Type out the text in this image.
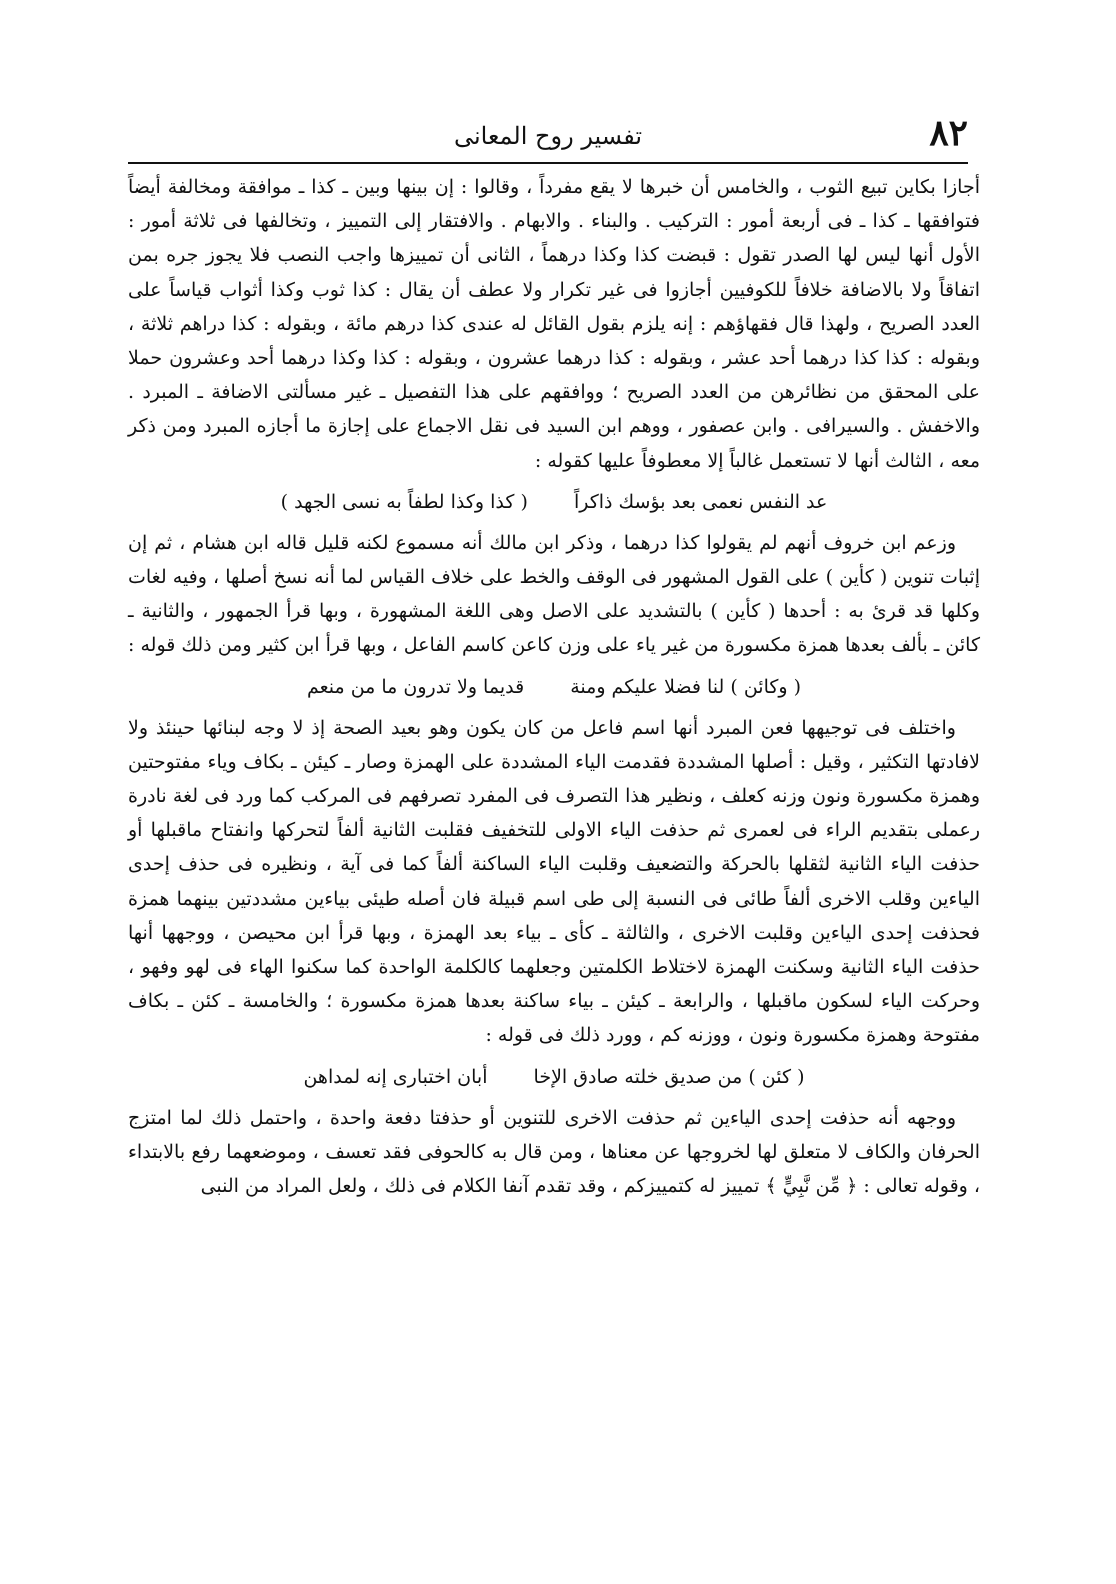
٨٢
تفسير روح المعانى

أجازا بكاين تبيع الثوب ، والخامس أن خبرها لا يقع مفرداً ، وقالوا : إن بينها وبين ـ كذا ـ موافقة ومخالفة أيضاً فتوافقها ـ كذا ـ فى أربعة أمور : التركيب . والبناء . والابهام . والافتقار إلى التمييز ، وتخالفها فى ثلاثة أمور : الأول أنها ليس لها الصدر تقول : قبضت كذا وكذا درهماً ، الثانى أن تمييزها واجب النصب فلا يجوز جره بمن اتفاقاً ولا بالاضافة خلافاً للكوفيين أجازوا فى غير تكرار ولا عطف أن يقال : كذا ثوب وكذا أثواب قياساً على العدد الصريح ، ولهذا قال فقهاؤهم : إنه يلزم بقول القائل له عندى كذا درهم مائة ، وبقوله : كذا دراهم ثلاثة ، وبقوله : كذا كذا درهما أحد عشر ، وبقوله : كذا درهما عشرون ، وبقوله : كذا وكذا درهما أحد وعشرون حملا على المحقق من نظائرهن من العدد الصريح ؛ ووافقهم على هذا التفصيل ـ غير مسألتى الاضافة ـ المبرد . والاخفش . والسيرافى . وابن عصفور ، ووهم ابن السيد فى نقل الاجماع على إجازة ما أجازه المبرد ومن ذكر معه ، الثالث أنها لا تستعمل غالباً إلا معطوفاً عليها كقوله :

عد النفس نعمى بعد بؤسك ذاكراً ( كذا وكذا لطفاً به نسى الجهد )

وزعم ابن خروف أنهم لم يقولوا كذا درهما ، وذكر ابن مالك أنه مسموع لكنه قليل قاله ابن هشام ، ثم إن إثبات تنوين ( كأين ) على القول المشهور فى الوقف والخط على خلاف القياس لما أنه نسخ أصلها ، وفيه لغات وكلها قد قرئ به : أحدها ( كأين ) بالتشديد على الاصل وهى اللغة المشهورة ، وبها قرأ الجمهور ، والثانية ـ كائن ـ بألف بعدها همزة مكسورة من غير ياء على وزن كاعن كاسم الفاعل ، وبها قرأ ابن كثير ومن ذلك قوله :

( وكائن ) لنا فضلا عليكم ومنة قديما ولا تدرون ما من منعم

واختلف فى توجيهها فعن المبرد أنها اسم فاعل من كان يكون وهو بعيد الصحة إذ لا وجه لبنائها حينئذ ولا لافادتها التكثير ، وقيل : أصلها المشددة فقدمت الياء المشددة على الهمزة وصار ـ كيئن ـ بكاف وياء مفتوحتين وهمزة مكسورة ونون وزنه كعلف ، ونظير هذا التصرف فى المفرد تصرفهم فى المركب كما ورد فى لغة نادرة رعملى بتقديم الراء فى لعمرى ثم حذفت الياء الاولى للتخفيف فقلبت الثانية ألفاً لتحركها وانفتاح ماقبلها أو حذفت الياء الثانية لثقلها بالحركة والتضعيف وقلبت الياء الساكنة ألفاً كما فى آية ، ونظيره فى حذف إحدى الياءين وقلب الاخرى ألفاً طائى فى النسبة إلى طى اسم قبيلة فان أصله طيئى بياءين مشددتين بينهما همزة فحذفت إحدى الياءين وقلبت الاخرى ، والثالثة ـ كأى ـ بياء بعد الهمزة ، وبها قرأ ابن محيصن ، ووجهها أنها حذفت الياء الثانية وسكنت الهمزة لاختلاط الكلمتين وجعلهما كالكلمة الواحدة كما سكنوا الهاء فى لهو وفهو ، وحركت الياء لسكون ماقبلها ، والرابعة ـ كيئن ـ بياء ساكنة بعدها همزة مكسورة ؛ والخامسة ـ كئن ـ بكاف مفتوحة وهمزة مكسورة ونون ، ووزنه كم ، وورد ذلك فى قوله :

( كئن ) من صديق خلته صادق الإخا أبان اختبارى إنه لمداهن

ووجهه أنه حذفت إحدى الياءين ثم حذفت الاخرى للتنوين أو حذفتا دفعة واحدة ، واحتمل ذلك لما امتزج الحرفان والكاف لا متعلق لها لخروجها عن معناها ، ومن قال به كالحوفى فقد تعسف ، وموضعهما رفع بالابتداء ، وقوله تعالى : ﴿ مِّن نَّبِيٍّ ﴾ تمييز له كتمييزكم ، وقد تقدم آنفا الكلام فى ذلك ، ولعل المراد من النبى
